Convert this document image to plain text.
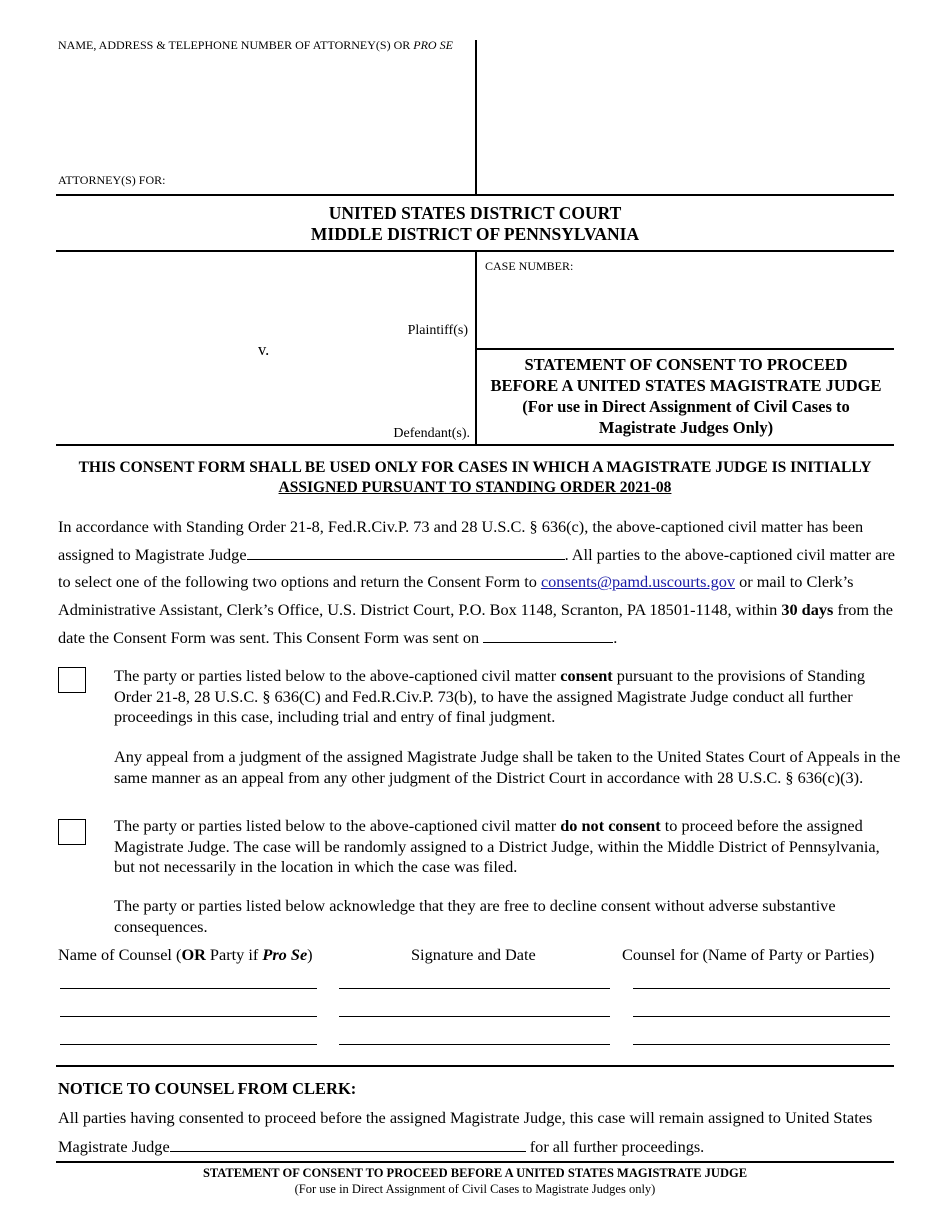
NAME, ADDRESS & TELEPHONE NUMBER OF ATTORNEY(S) OR PRO SE
ATTORNEY(S) FOR:
UNITED STATES DISTRICT COURT
MIDDLE DISTRICT OF PENNSYLVANIA
CASE NUMBER:
Plaintiff(s)
v.
Defendant(s).
STATEMENT OF CONSENT TO PROCEED
BEFORE A UNITED STATES MAGISTRATE JUDGE
(For use in Direct Assignment of Civil Cases to
Magistrate Judges Only)
THIS CONSENT FORM SHALL BE USED ONLY FOR CASES IN WHICH A MAGISTRATE JUDGE IS INITIALLY
ASSIGNED PURSUANT TO STANDING ORDER 2021-08
In accordance with Standing Order 21-8, Fed.R.Civ.P. 73 and 28 U.S.C. § 636(c), the above-captioned civil matter has been assigned to Magistrate Judge	. All parties to the above-captioned civil matter are to select one of the following two options and return the Consent Form to consents@pamd.uscourts.gov or mail to Clerk’s Administrative Assistant, Clerk’s Office, U.S. District Court, P.O. Box 1148, Scranton, PA 18501-1148, within 30 days from the date the Consent Form was sent. This Consent Form was sent on	.
The party or parties listed below to the above-captioned civil matter consent pursuant to the provisions of Standing Order 21-8, 28 U.S.C. § 636(C) and Fed.R.Civ.P. 73(b), to have the assigned Magistrate Judge conduct all further proceedings in this case, including trial and entry of final judgment.
Any appeal from a judgment of the assigned Magistrate Judge shall be taken to the United States Court of Appeals in the same manner as an appeal from any other judgment of the District Court in accordance with 28 U.S.C. § 636(c)(3).
The party or parties listed below to the above-captioned civil matter do not consent to proceed before the assigned Magistrate Judge. The case will be randomly assigned to a District Judge, within the Middle District of Pennsylvania, but not necessarily in the location in which the case was filed.
The party or parties listed below acknowledge that they are free to decline consent without adverse substantive consequences.
Name of Counsel (OR Party if Pro Se)	Signature and Date	Counsel for (Name of Party or Parties)
NOTICE TO COUNSEL FROM CLERK:
All parties having consented to proceed before the assigned Magistrate Judge, this case will remain assigned to United States Magistrate Judge	for all further proceedings.
STATEMENT OF CONSENT TO PROCEED BEFORE A UNITED STATES MAGISTRATE JUDGE
(For use in Direct Assignment of Civil Cases to Magistrate Judges only)
